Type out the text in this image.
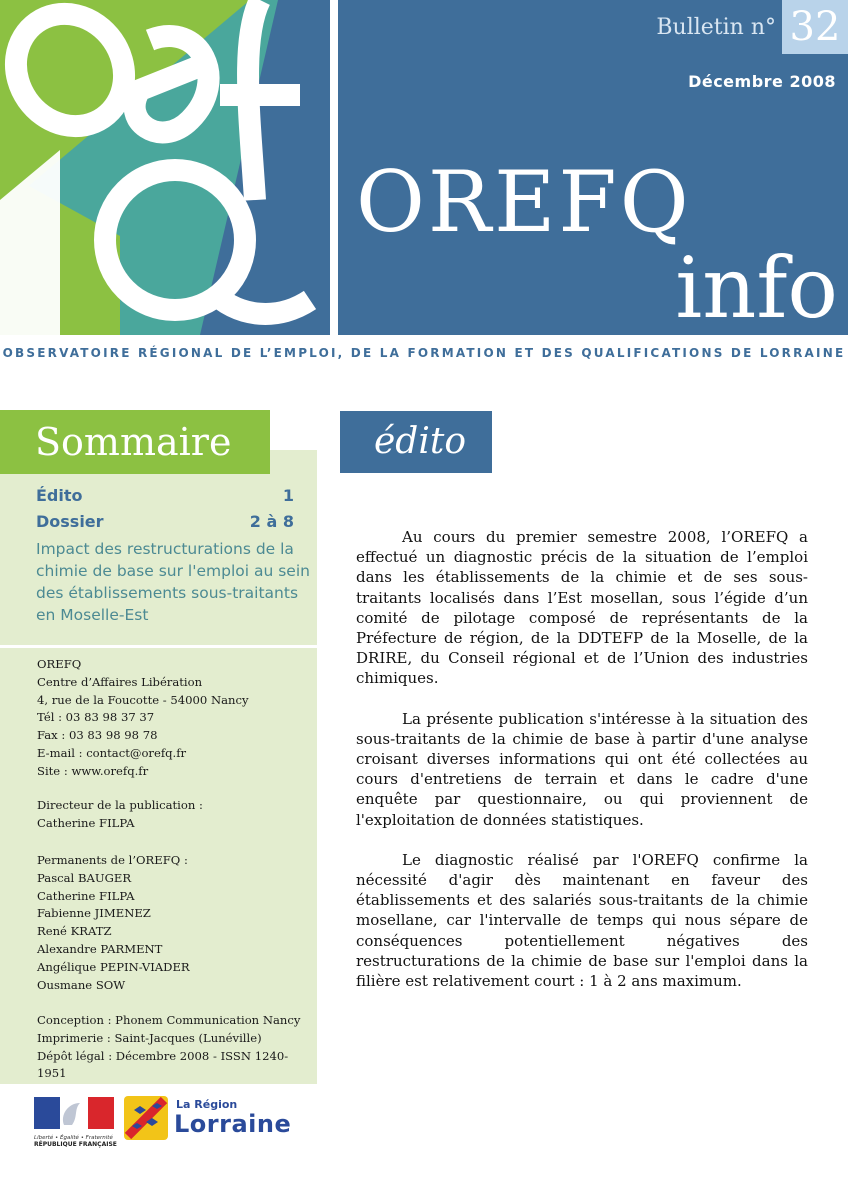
Bulletin n° 32
Décembre 2008
OREFQ
info
OBSERVATOIRE RÉGIONAL DE L’EMPLOI, DE LA FORMATION ET DES QUALIFICATIONS DE LORRAINE
Sommaire
Édito	1
Dossier	2 à 8
Impact des restructurations de la chimie de base sur l'emploi au sein des établissements sous-traitants en Moselle-Est
OREFQ
Centre d’Affaires Libération
4, rue de la Foucotte - 54000 Nancy
Tél : 03 83 98 37 37
Fax : 03 83 98 98 78
E-mail : contact@orefq.fr
Site : www.orefq.fr
Directeur de la publication :
Catherine FILPA
Permanents de l’OREFQ :
Pascal BAUGER
Catherine FILPA
Fabienne JIMENEZ
René KRATZ
Alexandre PARMENT
Angélique PEPIN-VIADER
Ousmane SOW
Conception : Phonem Communication Nancy
Imprimerie : Saint-Jacques (Lunéville)
Dépôt légal : Décembre 2008 - ISSN 1240-1951
édito

Au cours du premier semestre 2008, l’OREFQ a effectué un diagnostic précis de la situation de l’emploi dans les établissements de la chimie et de ses sous-traitants localisés dans l’Est mosellan, sous l’égide d’un comité de pilotage composé de représentants de la Préfecture de région, de la DDTEFP de la Moselle, de la DRIRE, du Conseil régional et de l’Union des industries chimiques.

La présente publication s'intéresse à la situation des sous-traitants de la chimie de base à partir d'une analyse croisant diverses informations qui ont été collectées au cours d'entretiens de terrain et dans le cadre d'une enquête par questionnaire, ou qui proviennent de l'exploitation de données statistiques.

Le diagnostic réalisé par l'OREFQ confirme la nécessité d'agir dès maintenant en faveur des établissements et des salariés sous-traitants de la chimie mosellane, car l'intervalle de temps qui nous sépare de conséquences potentiellement négatives des restructurations de la chimie de base sur l'emploi dans la filière est relativement court : 1 à 2 ans maximum.

Liberté • Égalité • Fraternité
RÉPUBLIQUE FRANÇAISE
La Région
Lorraine
